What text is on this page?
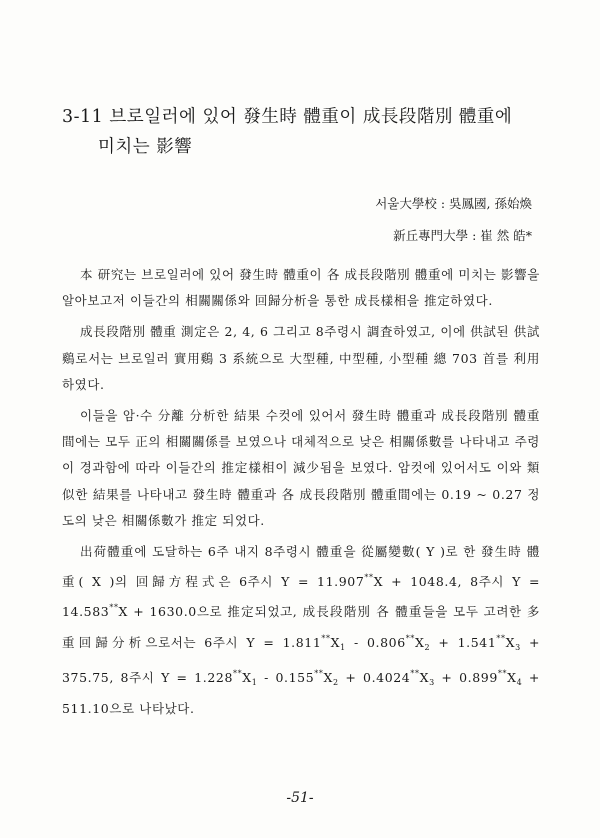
3-11 브로일러에 있어 發生時 體重이 成長段階別 體重에
미치는 影響
서울大學校 : 吳鳳國, 孫始煥
新丘專門大學 : 崔 然 皓*

本 研究는 브로일러에 있어 發生時 體重이 各 成長段階別 體重에 미치는 影響을 알아보고저 이들간의 相關關係와 回歸分析을 통한 成長樣相을 推定하였다.

成長段階別 體重 測定은 2, 4, 6 그리고 8주령시 調査하였고, 이에 供試된 供試鷄로서는 브로일러 實用鷄 3 系統으로 大型種, 中型種, 小型種 總 703 首를 利用하였다.

이들을 암·수 分離 分析한 結果 수컷에 있어서 發生時 體重과 成長段階別 體重間에는 모두 正의 相關關係를 보였으나 대체적으로 낮은 相關係數를 나타내고 주령이 경과함에 따라 이들간의 推定樣相이 減少됨을 보였다. 암컷에 있어서도 이와 類似한 結果를 나타내고 發生時 體重과 各 成長段階別 體重間에는 0.19 ~ 0.27 정도의 낮은 相關係數가 推定 되었다.

出荷體重에 도달하는 6주 내지 8주령시 體重을 從屬變數( Y )로 한 發生時 體重( X )의 回歸方程式은 6주시 Y = 11.907**X + 1048.4, 8주시 Y = 14.583**X + 1630.0으로 推定되었고, 成長段階別 各 體重들을 모두 고려한 多重回歸分析으로서는 6주시 $Y = 1.811^{**}X_1 - 0.806^{**}X_2 + 1.541^{**}X_3 + 375.75$, 8주시 $Y = 1.228^{**}X_1 - 0.155^{**}X_2 + 0.4024^{**}X_3 + 0.899^{**}X_4 + 511.10$으로 나타났다.

-51-
